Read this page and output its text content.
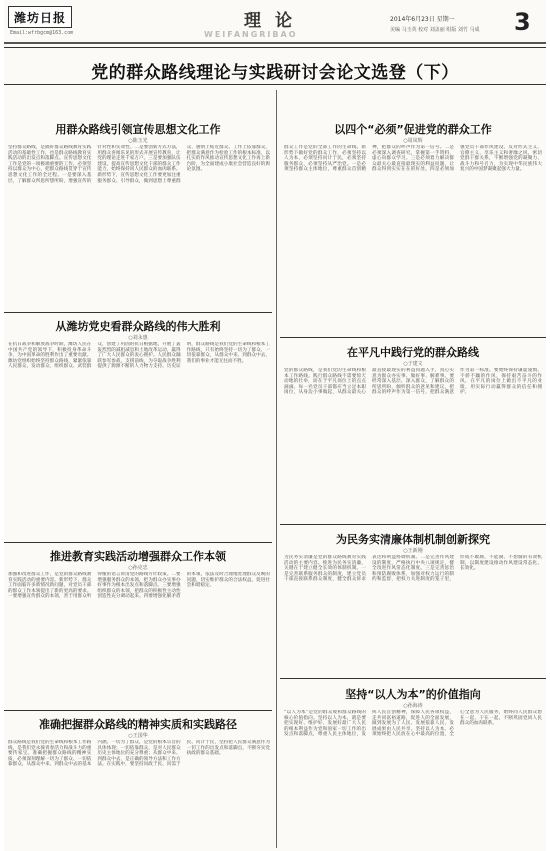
潍坊日报
Email:wfrbgcm@163.com
理论
WEIFANGRIBAO
2014年6月23日 星期一
美编 马玉英 校对 刘盖丽 组版 刘竹 马成 3
党的群众路线理论与实践研讨会论文选登（下）
用群众路线引领宣传思想文化工作
○陈玉光
坚持群众路线，是搞好群众路线教育实践活动的基础性工作，也是群众路线教育实践活动的出发点和落脚点。宣传思想文化工作是党的一项极端重要的工作，必须坚持以群众为中心，把群众路线贯穿于宣传思想文化工作的全过程。一是要深入基层，了解群众所思所想所盼，增强宣传的针对性和实效性。二是要创新方式方法，用群众喜闻乐见的形式开展宣传教育，让党的理论走进千家万户。三是要加强队伍建设，提高宣传思想文化干部的群众工作能力，始终保持同人民群众的血肉联系。新形势下，宣传思想文化工作要更加注重服务群众、引导群众，做到思想上尊重群众、感情上贴近群众、工作上依靠群众，把群众满意作为检验工作的根本标准，以扎实的作风推动宣传思想文化工作再上新台阶，为全面建成小康社会营造良好的舆论氛围。
以四个“必须”促进党的群众工作
○周凤辉
群众工作是党的全部工作的生命线。新形势下做好党的群众工作，必须坚持以人为本，必须坚持问计于民，必须坚持服务群众，必须坚持从严治党。一是必须坚持群众主体地位，尊重群众首创精神，把群众的呼声作为第一信号。二是必须深入调查研究，掌握第一手资料，虚心向群众学习。三是必须着力解决群众最关心最直接最现实的利益问题，让群众得到实实在在的好处。四是必须加强党员干部作风建设，反对形式主义、官僚主义、享乐主义和奢靡之风，密切党群干群关系，不断增强党的凝聚力、战斗力和号召力，为实现中华民族伟大复兴的中国梦凝聚起强大力量。
从潍坊党史看群众路线的伟大胜利
○刘永惠
在抗日战争和解放战争时期，潍坊人民在中国共产党的领导下，积极投身革命斗争，为中国革命的胜利作出了重要贡献。潍坊党组织始终坚持群众路线，紧紧依靠人民群众，发动群众、组织群众、武装群众，创建了巩固的抗日根据地，开展了轰轰烈烈的减租减息和土地改革运动，赢得了广大人民群众的衷心拥护。人民群众踊跃参军参战，支援前线，为夺取战争胜利提供了源源不断的人力物力支持。历史证明，群众路线是我们党的生命线和根本工作路线，只有始终坚持一切为了群众、一切依靠群众，从群众中来、到群众中去，我们的事业才能无往而不胜。
在平凡中践行党的群众路线
○于建文
党的群众路线，是我们党的生命线和根本工作路线。践行群众路线不需要惊天动地的壮举，而在于平凡岗位上的点点滴滴。每一名党员干部都应当立足本职岗位，从身边小事做起，从群众最关心最直接最现实的利益问题入手，真心实意为群众办实事、做好事、解难事。要经常深入基层、深入群众，了解群众的所思所盼，倾听群众的意见和建议，把群众的呼声作为第一信号，把群众满意作为第一标准。要始终保持谦虚谨慎、不骄不躁的作风，保持艰苦奋斗的作风，在平凡的岗位上做出不平凡的业绩，用实际行动赢得群众的信任和拥护。
推进教育实践活动增强群众工作本领
○孙克忠
加强和改进群众工作，是党的群众路线教育实践活动的重要内容。新形势下，群众工作面临许多新情况新问题，对党员干部的群众工作本领提出了新的更高的要求。一要增强宣传群众的本领，善于用群众听得懂的语言讲清党的路线方针政策。二要增强服务群众的本领，把为群众办实事办好事作为根本出发点和落脚点。三要增强组织群众的本领，把群众的积极性主动性创造性充分调动起来。四要增强化解矛盾的本领，依法及时合理地处理群众反映的问题，切实维护群众的合法权益，促进社会和谐稳定。
为民务实清廉体制机制创新探究
○王新刚
为民务实清廉是党的群众路线教育实践活动的主要内容。推进为民务实清廉，关键在于建立健全长效的体制机制。一是完善联系服务群众的制度，建立党员干部直接联系群众制度，健全群众诉求表达和利益协调机制。二是完善作风建设的制度，严格执行中央八项规定，健全改进作风常态化制度。三是完善惩治和预防腐败体系，加强对权力运行的制约和监督，把权力关进制度的笼子里，形成不敢腐、不能腐、不想腐的有效机制，以制度建设推动作风建设常态化、长效化。
准确把握群众路线的精神实质和实践路径
○王国华
群众路线是我们党的生命线和根本工作路线，是我们党永葆青春活力和战斗力的重要传家宝。准确把握群众路线的精神实质，必须深刻理解一切为了群众、一切依靠群众，从群众中来、到群众中去的基本内涵。一切为了群众，是党的根本宗旨的具体体现；一切依靠群众，是对人民群众历史主体地位的充分尊重；从群众中来、到群众中去，是正确的领导方法和工作方法。在实践中，要坚持问政于民、问需于民、问计于民，坚持把人民群众满意作为一切工作的出发点和落脚点，不断夯实党执政的群众基础。
坚持“以人为本”的价值指向
○孙海涛
“以人为本”是党的群众观和群众路线的核心价值指向。坚持以人为本，就是要把实现好、维护好、发展好最广大人民的根本利益作为党和国家一切工作的出发点和落脚点，尊重人民主体地位，发挥人民首创精神，保障人民各项权益，走共同富裕道路，促进人的全面发展，做到发展为了人民、发展依靠人民、发展成果由人民共享。坚持以人为本，必须始终把人民放在心中最高的位置，全心全意为人民服务，始终同人民群众想在一起、干在一起，不断巩固党同人民群众的血肉联系。
